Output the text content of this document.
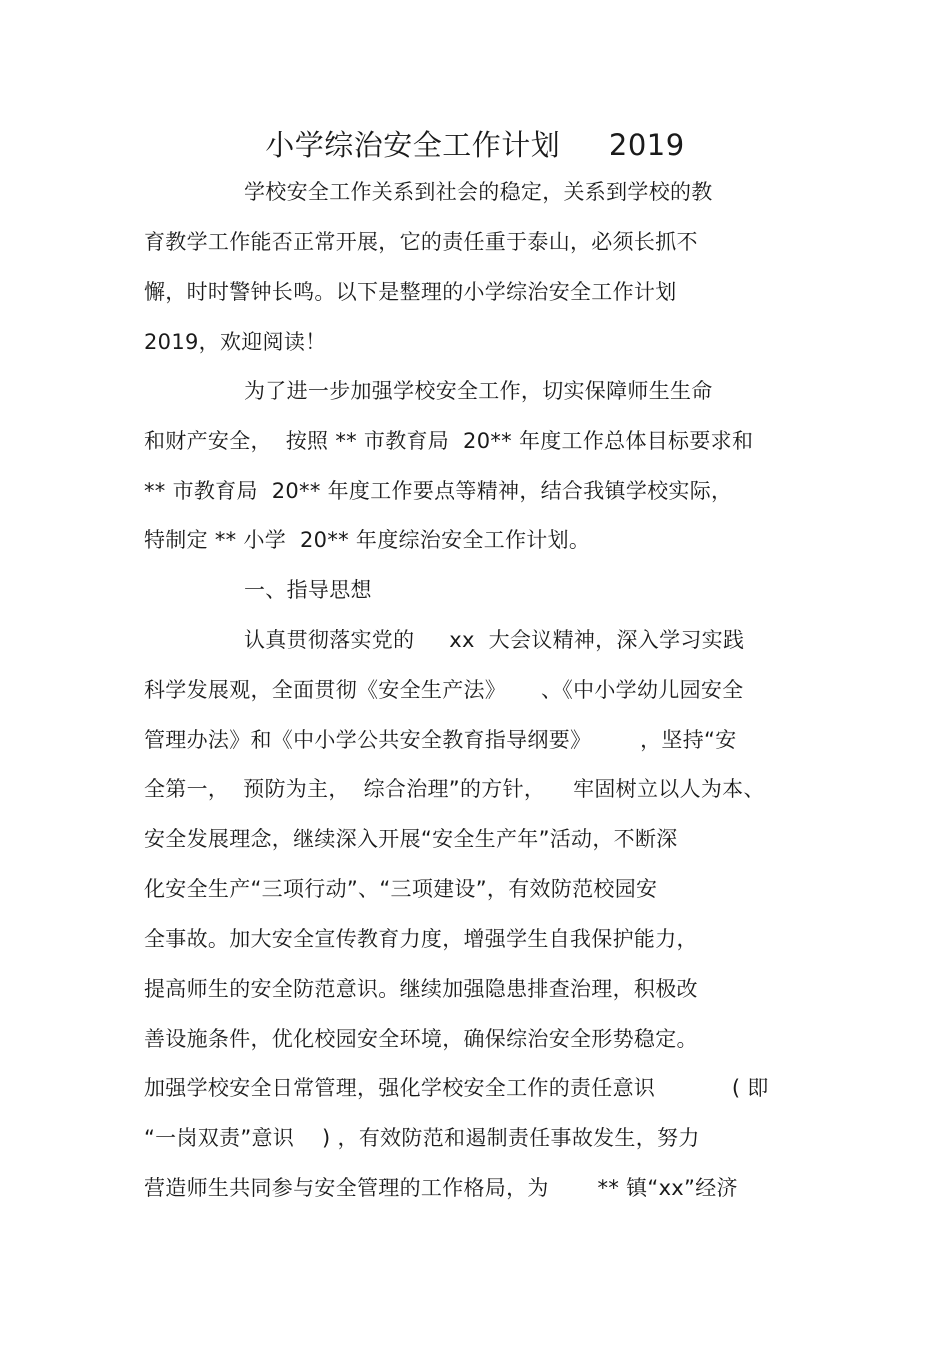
小学综治安全工作计划     2019
学校安全工作关系到社会的稳定，关系到学校的教
育教学工作能否正常开展，它的责任重于泰山，必须长抓不
懈，时时警钟长鸣。以下是整理的小学综治安全工作计划
2019，欢迎阅读！
为了进一步加强学校安全工作，切实保障师生生命
和财产安全，  按照 ** 市教育局  20** 年度工作总体目标要求和
** 市教育局  20** 年度工作要点等精神，结合我镇学校实际，
特制定 ** 小学  20** 年度综治安全工作计划。
一、指导思想
认真贯彻落实党的     xx  大会议精神，深入学习实践
科学发展观，全面贯彻《安全生产法》     、《中小学幼儿园安全
管理办法》和《中小学公共安全教育指导纲要》       ，坚持“安
全第一，  预防为主，  综合治理”的方针，    牢固树立以人为本、
安全发展理念，继续深入开展“安全生产年”活动，不断深
化安全生产“三项行动”、“三项建设”，有效防范校园安
全事故。加大安全宣传教育力度，增强学生自我保护能力，
提高师生的安全防范意识。继续加强隐患排查治理，积极改
善设施条件，优化校园安全环境，确保综治安全形势稳定。
加强学校安全日常管理，强化学校安全工作的责任意识           ( 即
“一岗双责”意识    ) ，有效防范和遏制责任事故发生，努力
营造师生共同参与安全管理的工作格局，为       ** 镇“xx”经济
